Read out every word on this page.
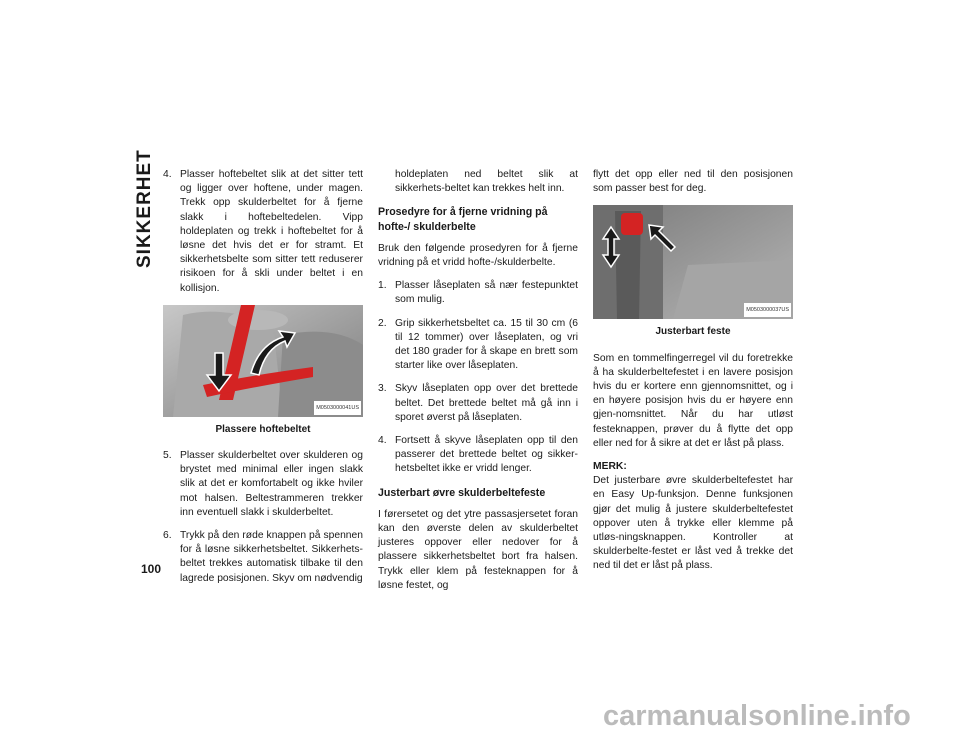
SIKKERHET
100
4. Plasser hoftebeltet slik at det sitter tett og ligger over hoftene, under magen. Trekk opp skulderbeltet for å fjerne slakk i hoftebeltedelen. Vipp holdeplaten og trekk i hoftebeltet for å løsne det hvis det er for stramt. Et sikkerhetsbelte som sitter tett reduserer risikoen for å skli under beltet i en kollisjon.
M0503000041US
Plassere hoftebeltet
5. Plasser skulderbeltet over skulderen og brystet med minimal eller ingen slakk slik at det er komfortabelt og ikke hviler mot halsen. Beltestrammeren trekker inn eventuell slakk i skulderbeltet.
6. Trykk på den røde knappen på spennen for å løsne sikkerhetsbeltet. Sikkerhets-beltet trekkes automatisk tilbake til den lagrede posisjonen. Skyv om nødvendig
holdeplaten ned beltet slik at sikkerhets-beltet kan trekkes helt inn.
Prosedyre for å fjerne vridning på hofte-/ skulderbelte

Bruk den følgende prosedyren for å fjerne vridning på et vridd hofte-/skulderbelte.

1. Plasser låseplaten så nær festepunktet som mulig.
2. Grip sikkerhetsbeltet ca. 15 til 30 cm (6 til 12 tommer) over låseplaten, og vri det 180 grader for å skape en brett som starter like over låseplaten.
3. Skyv låseplaten opp over det brettede beltet. Det brettede beltet må gå inn i sporet øverst på låseplaten.
4. Fortsett å skyve låseplaten opp til den passerer det brettede beltet og sikker-hetsbeltet ikke er vridd lenger.
Justerbart øvre skulderbeltefeste

I førersetet og det ytre passasjersetet foran kan den øverste delen av skulderbeltet justeres oppover eller nedover for å plassere sikkerhetsbeltet bort fra halsen. Trykk eller klem på festeknappen for å løsne festet, og

flytt det opp eller ned til den posisjonen som passer best for deg.

M0503000037US
Justerbart feste

Som en tommelfingerregel vil du foretrekke å ha skulderbeltefestet i en lavere posisjon hvis du er kortere enn gjennomsnittet, og i en høyere posisjon hvis du er høyere enn gjen-nomsnittet. Når du har utløst festeknappen, prøver du å flytte det opp eller ned for å sikre at det er låst på plass.

MERK:

Det justerbare øvre skulderbeltefestet har en Easy Up-funksjon. Denne funksjonen gjør det mulig å justere skulderbeltefestet oppover uten å trykke eller klemme på utløs-ningsknappen. Kontroller at skulderbelte-festet er låst ved å trekke det ned til det er låst på plass.

carmanualsonline.info
